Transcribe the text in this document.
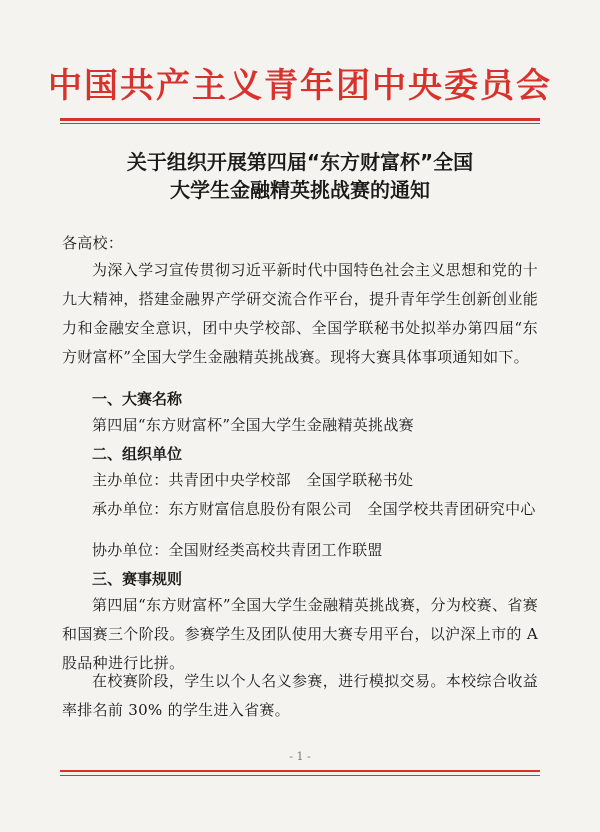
中国共产主义青年团中央委员会
关于组织开展第四届“东方财富杯”全国
大学生金融精英挑战赛的通知

各高校：

为深入学习宣传贯彻习近平新时代中国特色社会主义思想和党的十九大精神，搭建金融界产学研交流合作平台，提升青年学生创新创业能力和金融安全意识，团中央学校部、全国学联秘书处拟举办第四届“东方财富杯”全国大学生金融精英挑战赛。现将大赛具体事项通知如下。

一、大赛名称

第四届“东方财富杯”全国大学生金融精英挑战赛

二、组织单位

主办单位：共青团中央学校部　全国学联秘书处

承办单位：东方财富信息股份有限公司　全国学校共青团研究中心

协办单位：全国财经类高校共青团工作联盟

三、赛事规则

第四届“东方财富杯”全国大学生金融精英挑战赛，分为校赛、省赛和国赛三个阶段。参赛学生及团队使用大赛专用平台，以沪深上市的 A 股品种进行比拼。

在校赛阶段，学生以个人名义参赛，进行模拟交易。本校综合收益率排名前 30% 的学生进入省赛。

- 1 -
